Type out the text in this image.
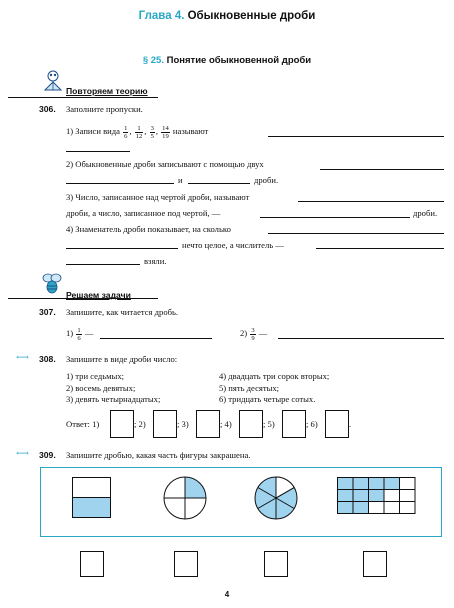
Глава 4. Обыкновенные дроби
§ 25. Понятие обыкновенной дроби
Повторяем теорию
306. Заполните пропуски.
1) Записи вида $\frac{1}{6}$ , $\frac{1}{12}$ , $\frac{3}{5}$ , $\frac{14}{19}$ называют
2) Обыкновенные дроби записывают с помощью двух
и	дроби.
3) Число, записанное над чертой дроби, называют
дроби, а число, записанное под чертой, —	дроби.
4) Знаменатель дроби показывает, на сколько
нечто целое, а числитель —
взяли.
Решаем задачи
307. Запишите, как читается дробь.
$1) \frac{1}{6}$ —	$2) \frac{3}{9}$ —
⟷ 308. Запишите в виде дроби число:
1) три седьмых;
2) восемь девятых;
3) девять четырнадцатых;
4) двадцать три сорок вторых;
5) пять десятых;
6) тридцать четыре сотых.
Ответ: 1)	; 2)	; 3)	; 4)	; 5)	; 6)	.
⟷ 309. Запишите дробью, какая часть фигуры закрашена.
4
